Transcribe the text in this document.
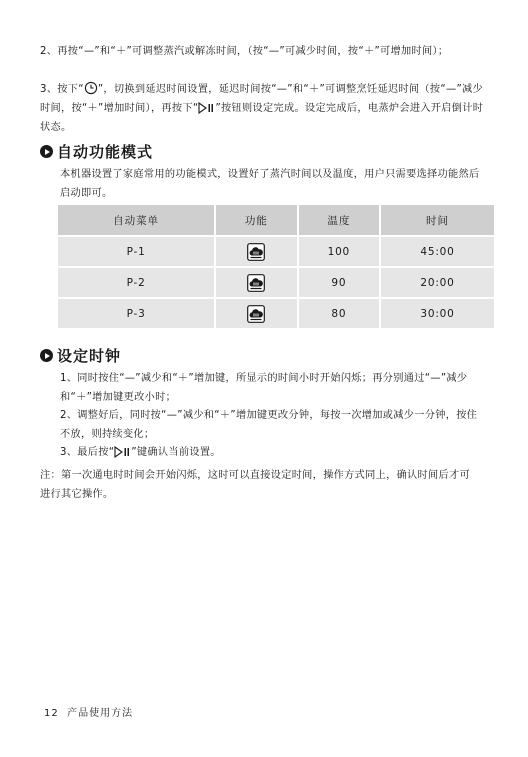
2、再按“—”和“＋”可调整蒸汽或解冻时间，（按“—”可减少时间，按“＋”可增加时间）；
3、按下“ ”，切换到延迟时间设置，延迟时间按“—”和“＋”可调整烹饪延迟时间（按“—”减少时间，按“＋”增加时间），再按下“ ”按钮则设定完成。设定完成后，电蒸炉会进入开启倒计时状态。
自动功能模式
本机器设置了家庭常用的功能模式，设置好了蒸汽时间以及温度，用户只需要选择功能然后启动即可。
自动菜单	功能	温度	时间
P-1		100	45:00
P-2		90	20:00
P-3		80	30:00
设定时钟
1、同时按住“—”减少和“＋”增加键，所显示的时间小时开始闪烁；再分别通过“—”减少和“＋”增加键更改小时；
2、调整好后，同时按“—”减少和“＋”增加键更改分钟，每按一次增加或减少一分钟，按住不放，则持续变化；
3、最后按“ ”键确认当前设置。
注：第一次通电时时间会开始闪烁，这时可以直接设定时间，操作方式同上，确认时间后才可进行其它操作。
12 产品使用方法
